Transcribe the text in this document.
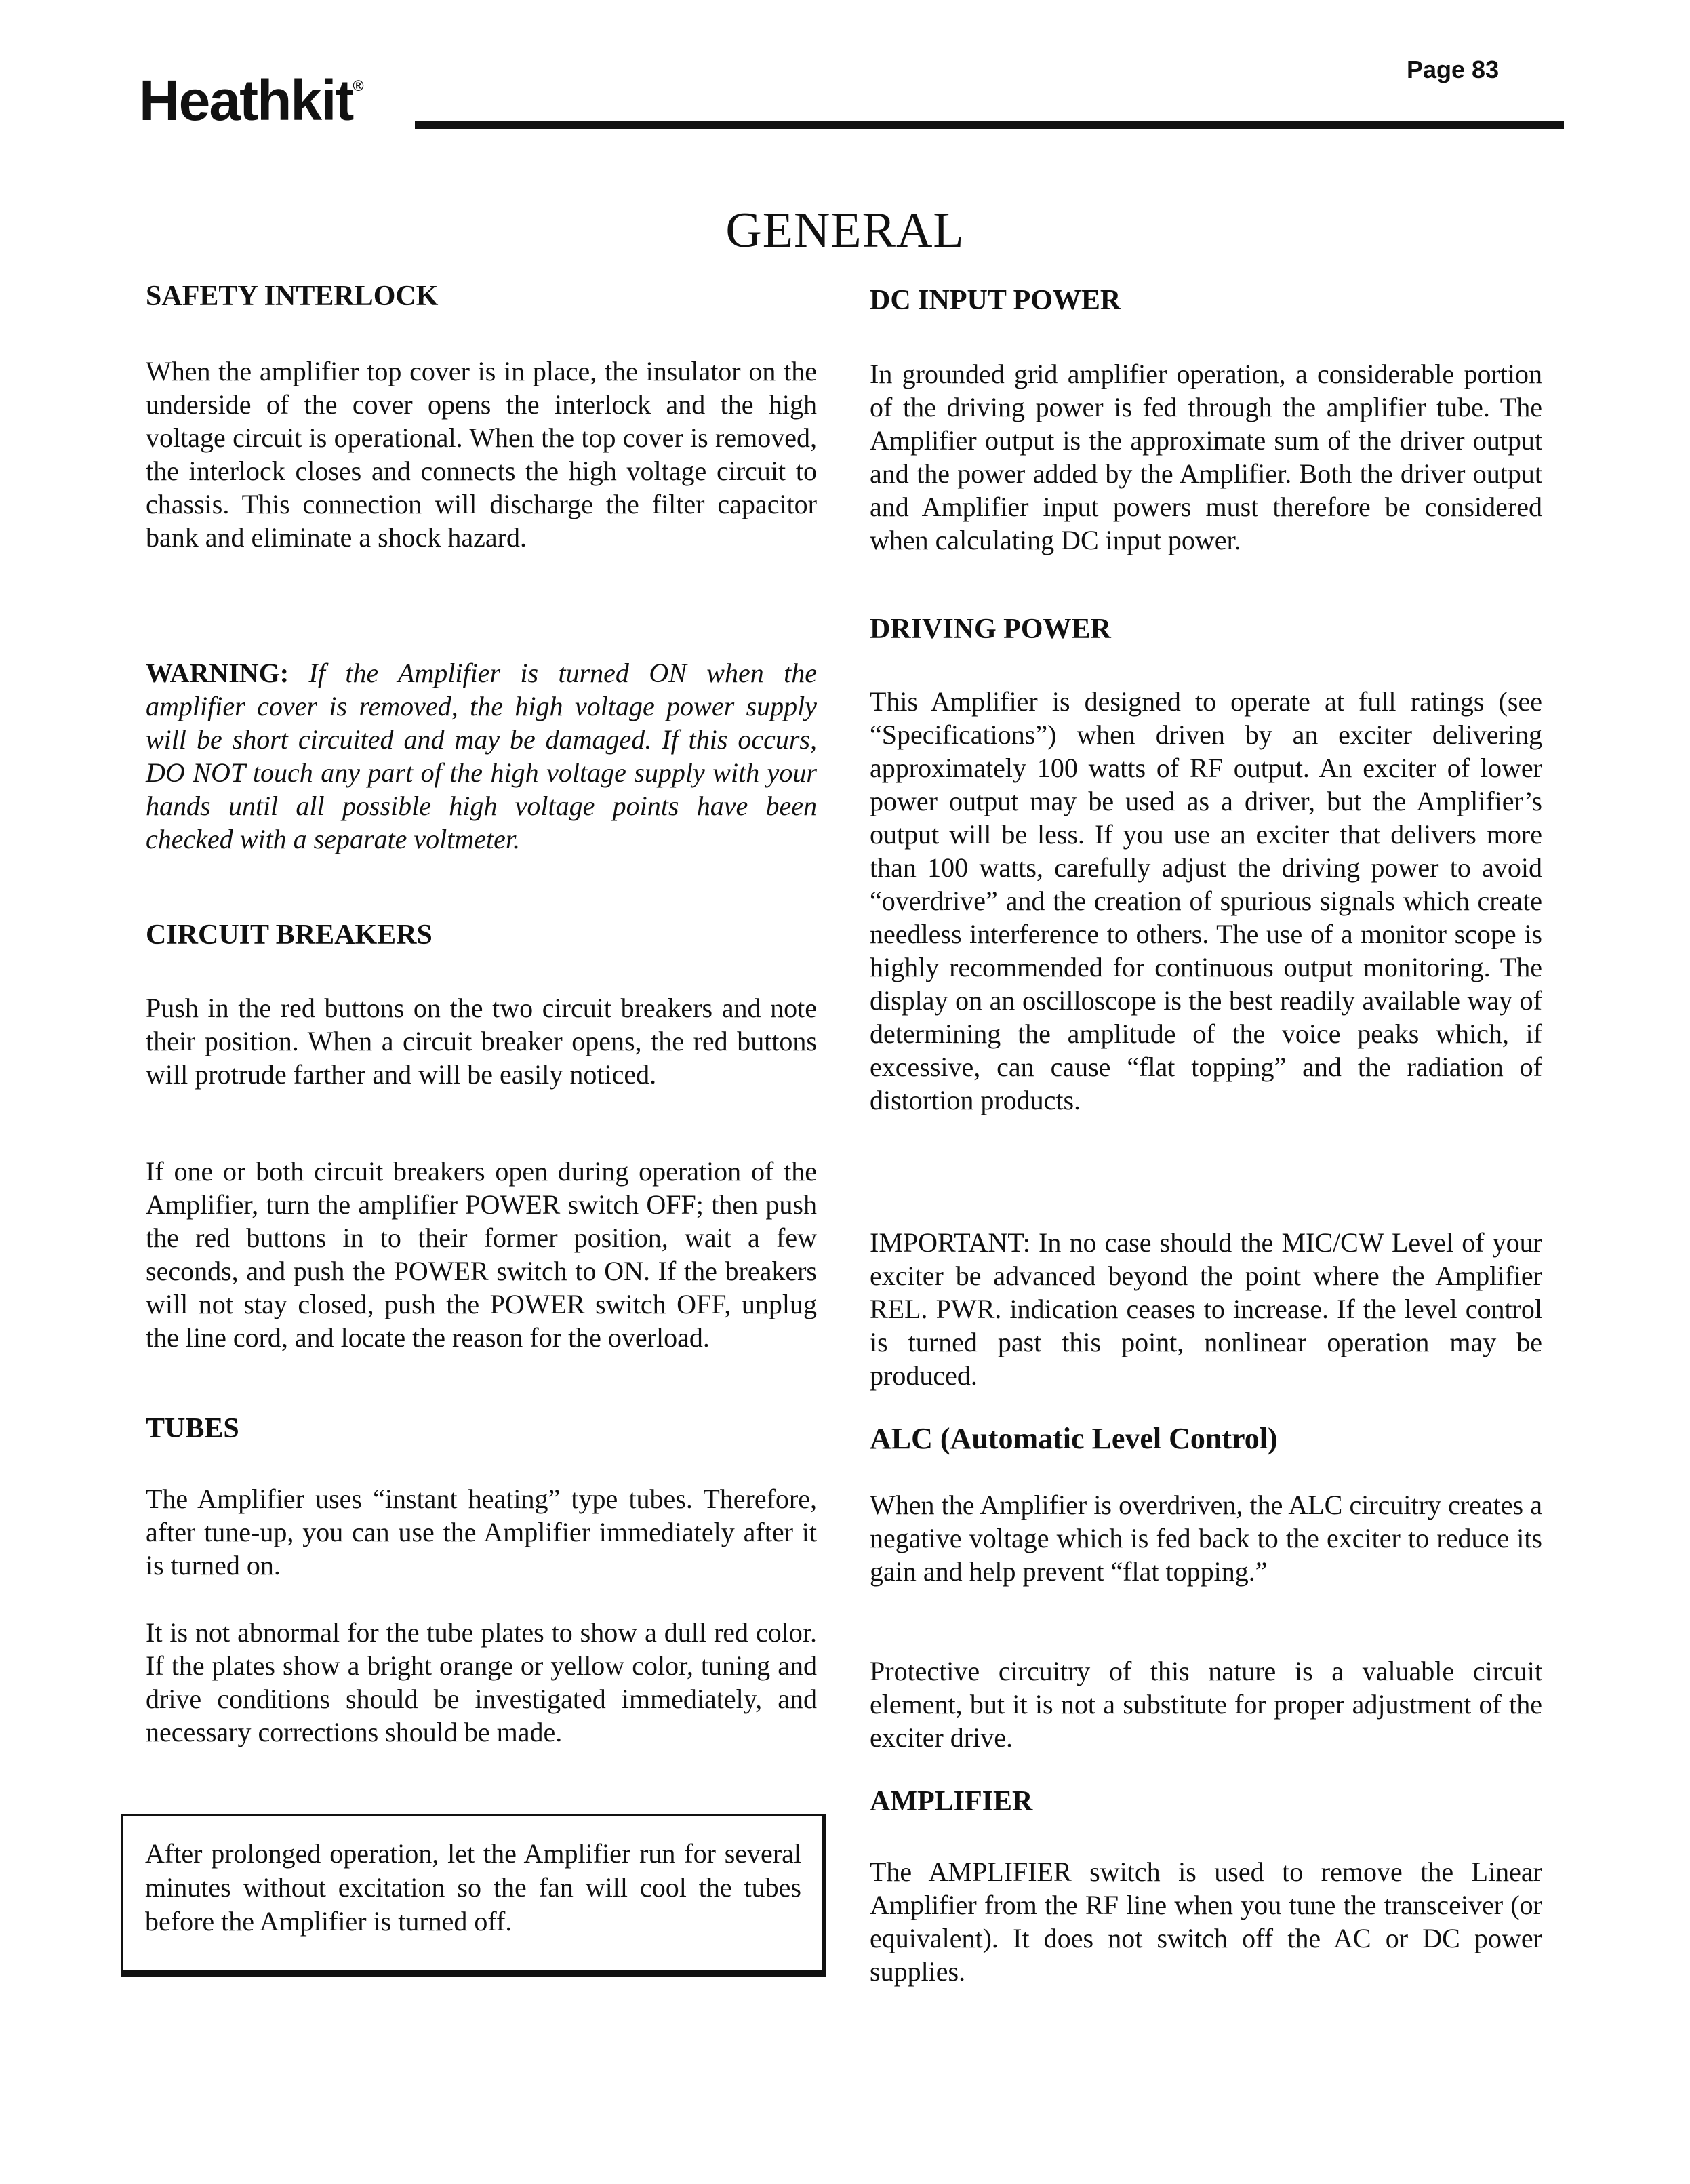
Heathkit®
Page 83
GENERAL
SAFETY INTERLOCK

When the amplifier top cover is in place, the insulator on the underside of the cover opens the interlock and the high voltage circuit is operational. When the top cover is removed, the interlock closes and connects the high voltage circuit to chassis. This connection will discharge the filter capacitor bank and eliminate a shock hazard.

WARNING: If the Amplifier is turned ON when the amplifier cover is removed, the high voltage power supply will be short circuited and may be damaged. If this occurs, DO NOT touch any part of the high voltage supply with your hands until all possible high voltage points have been checked with a separate voltmeter.

CIRCUIT BREAKERS

Push in the red buttons on the two circuit breakers and note their position. When a circuit breaker opens, the red buttons will protrude farther and will be easily noticed.

If one or both circuit breakers open during operation of the Amplifier, turn the amplifier POWER switch OFF; then push the red buttons in to their former position, wait a few seconds, and push the POWER switch to ON. If the breakers will not stay closed, push the POWER switch OFF, unplug the line cord, and locate the reason for the overload.

TUBES

The Amplifier uses “instant heating” type tubes. Therefore, after tune-up, you can use the Amplifier immediately after it is turned on.

It is not abnormal for the tube plates to show a dull red color. If the plates show a bright orange or yellow color, tuning and drive conditions should be investigated immediately, and necessary corrections should be made.

After prolonged operation, let the Amplifier run for several minutes without excitation so the fan will cool the tubes before the Amplifier is turned off.

DC INPUT POWER

In grounded grid amplifier operation, a considerable portion of the driving power is fed through the amplifier tube. The Amplifier output is the approximate sum of the driver output and the power added by the Amplifier. Both the driver output and Amplifier input powers must therefore be considered when calculating DC input power.

DRIVING POWER

This Amplifier is designed to operate at full ratings (see “Specifications”) when driven by an exciter delivering approximately 100 watts of RF output. An exciter of lower power output may be used as a driver, but the Amplifier’s output will be less. If you use an exciter that delivers more than 100 watts, carefully adjust the driving power to avoid “overdrive” and the creation of spurious signals which create needless interference to others. The use of a monitor scope is highly recommended for continuous output monitoring. The display on an oscilloscope is the best readily available way of determining the amplitude of the voice peaks which, if excessive, can cause “flat topping” and the radiation of distortion products.

IMPORTANT: In no case should the MIC/CW Level of your exciter be advanced beyond the point where the Amplifier REL. PWR. indication ceases to increase. If the level control is turned past this point, nonlinear operation may be produced.

ALC (Automatic Level Control)

When the Amplifier is overdriven, the ALC circuitry creates a negative voltage which is fed back to the exciter to reduce its gain and help prevent “flat topping.”

Protective circuitry of this nature is a valuable circuit element, but it is not a substitute for proper adjustment of the exciter drive.

AMPLIFIER

The AMPLIFIER switch is used to remove the Linear Amplifier from the RF line when you tune the transceiver (or equivalent). It does not switch off the AC or DC power supplies.
